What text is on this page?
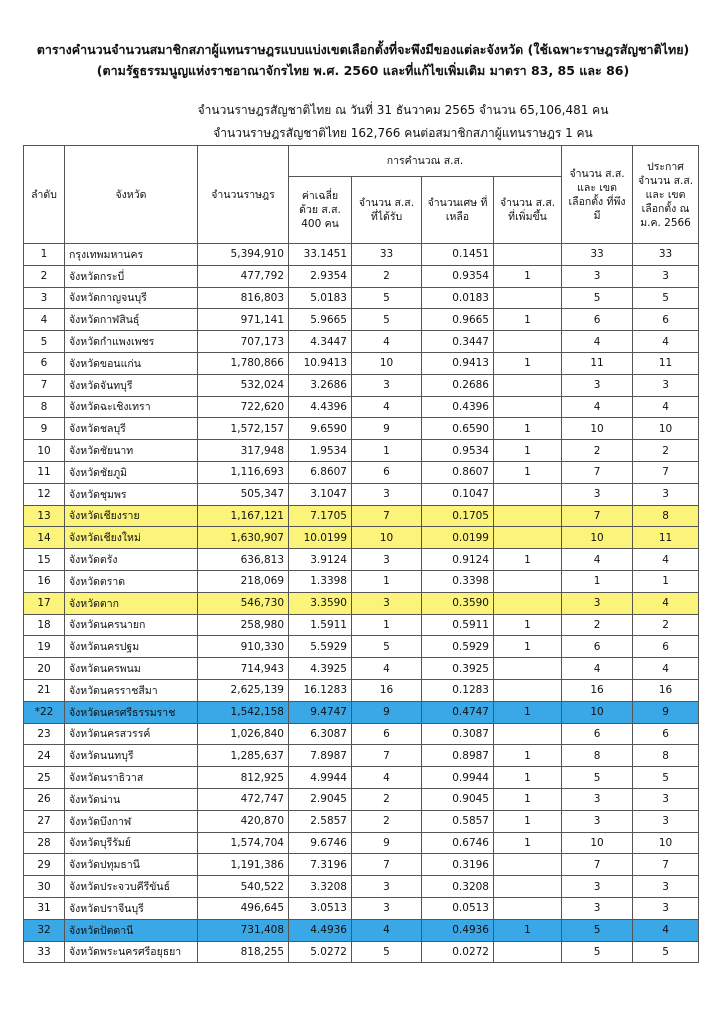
ตารางคำนวนจำนวนสมาชิกสภาผู้แทนราษฎรแบบแบ่งเขตเลือกตั้งที่จะพึงมีของแต่ละจังหวัด (ใช้เฉพาะราษฎรสัญชาติไทย)
(ตามรัฐธรรมนูญแห่งราชอาณาจักรไทย พ.ศ. 2560 และที่แก้ไขเพิ่มเติม มาตรา 83, 85 และ 86)
จำนวนราษฎรสัญชาติไทย ณ วันที่ 31 ธันวาคม 2565 จำนวน 65,106,481 คน
จำนวนราษฎรสัญชาติไทย 162,766 คนต่อสมาชิกสภาผู้แทนราษฎร 1 คน
ลำดับ	จังหวัด	จำนวนราษฎร	การคำนวณ ส.ส.				จำนวน ส.ส. และ เขตเลือกตั้ง ที่พึงมี	ประกาศ จำนวน ส.ส. และ เขตเลือกตั้ง ณ ม.ค. 2566
			ค่าเฉลี่ย ด้วย ส.ส. 400 คน	จำนวน ส.ส. ที่ได้รับ	จำนวนเศษ ที่เหลือ	จำนวน ส.ส. ที่เพิ่มขึ้น		
1	กรุงเทพมหานคร	5,394,910	33.1451	33	0.1451		33	33
2	จังหวัดกระบี่	477,792	2.9354	2	0.9354	1	3	3
3	จังหวัดกาญจนบุรี	816,803	5.0183	5	0.0183		5	5
4	จังหวัดกาฬสินธุ์	971,141	5.9665	5	0.9665	1	6	6
5	จังหวัดกำแพงเพชร	707,173	4.3447	4	0.3447		4	4
6	จังหวัดขอนแก่น	1,780,866	10.9413	10	0.9413	1	11	11
7	จังหวัดจันทบุรี	532,024	3.2686	3	0.2686		3	3
8	จังหวัดฉะเชิงเทรา	722,620	4.4396	4	0.4396		4	4
9	จังหวัดชลบุรี	1,572,157	9.6590	9	0.6590	1	10	10
10	จังหวัดชัยนาท	317,948	1.9534	1	0.9534	1	2	2
11	จังหวัดชัยภูมิ	1,116,693	6.8607	6	0.8607	1	7	7
12	จังหวัดชุมพร	505,347	3.1047	3	0.1047		3	3
13	จังหวัดเชียงราย	1,167,121	7.1705	7	0.1705		7	8
14	จังหวัดเชียงใหม่	1,630,907	10.0199	10	0.0199		10	11
15	จังหวัดตรัง	636,813	3.9124	3	0.9124	1	4	4
16	จังหวัดตราด	218,069	1.3398	1	0.3398		1	1
17	จังหวัดตาก	546,730	3.3590	3	0.3590		3	4
18	จังหวัดนครนายก	258,980	1.5911	1	0.5911	1	2	2
19	จังหวัดนครปฐม	910,330	5.5929	5	0.5929	1	6	6
20	จังหวัดนครพนม	714,943	4.3925	4	0.3925		4	4
21	จังหวัดนครราชสีมา	2,625,139	16.1283	16	0.1283		16	16
*22	จังหวัดนครศรีธรรมราช	1,542,158	9.4747	9	0.4747	1	10	9
23	จังหวัดนครสวรรค์	1,026,840	6.3087	6	0.3087		6	6
24	จังหวัดนนทบุรี	1,285,637	7.8987	7	0.8987	1	8	8
25	จังหวัดนราธิวาส	812,925	4.9944	4	0.9944	1	5	5
26	จังหวัดน่าน	472,747	2.9045	2	0.9045	1	3	3
27	จังหวัดบึงกาฬ	420,870	2.5857	2	0.5857	1	3	3
28	จังหวัดบุรีรัมย์	1,574,704	9.6746	9	0.6746	1	10	10
29	จังหวัดปทุมธานี	1,191,386	7.3196	7	0.3196		7	7
30	จังหวัดประจวบคีรีขันธ์	540,522	3.3208	3	0.3208		3	3
31	จังหวัดปราจีนบุรี	496,645	3.0513	3	0.0513		3	3
32	จังหวัดปัตตานี	731,408	4.4936	4	0.4936	1	5	4
33	จังหวัดพระนครศรีอยุธยา	818,255	5.0272	5	0.0272		5	5
